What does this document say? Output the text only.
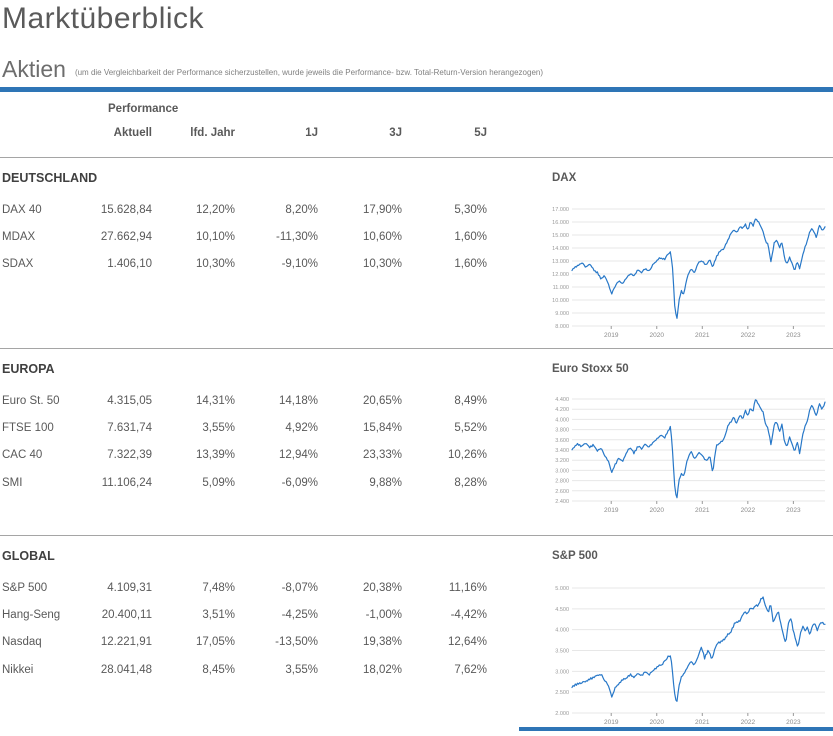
Marktüberblick
Aktien (um die Vergleichbarkeit der Performance sicherzustellen, wurde jeweils die Performance- bzw. Total-Return-Version herangezogen)
Performance
Aktuell	lfd. Jahr	1J	3J	5J
DEUTSCHLAND
DAX 40	15.628,84	12,20%	8,20%	17,90%	5,30%
MDAX	27.662,94	10,10%	-11,30%	10,60%	1,60%
SDAX	1.406,10	10,30%	-9,10%	10,30%	1,60%
DAX
8.000
9.000
10.000
11.000
12.000
13.000
14.000
15.000
16.000
17.000
2019	2020	2021	2022	2023
EUROPA
Euro St. 50	4.315,05	14,31%	14,18%	20,65%	8,49%
FTSE 100	7.631,74	3,55%	4,92%	15,84%	5,52%
CAC 40	7.322,39	13,39%	12,94%	23,33%	10,26%
SMI	11.106,24	5,09%	-6,09%	9,88%	8,28%
Euro Stoxx 50
2.400
2.600
2.800
3.000
3.200
3.400
3.600
3.800
4.000
4.200
4.400
2019	2020	2021	2022	2023
GLOBAL
S&P 500	4.109,31	7,48%	-8,07%	20,38%	11,16%
Hang-Seng	20.400,11	3,51%	-4,25%	-1,00%	-4,42%
Nasdaq	12.221,91	17,05%	-13,50%	19,38%	12,64%
Nikkei	28.041,48	8,45%	3,55%	18,02%	7,62%
S&P 500
2.000
2.500
3.000
3.500
4.000
4.500
5.000
2019	2020	2021	2022	2023
